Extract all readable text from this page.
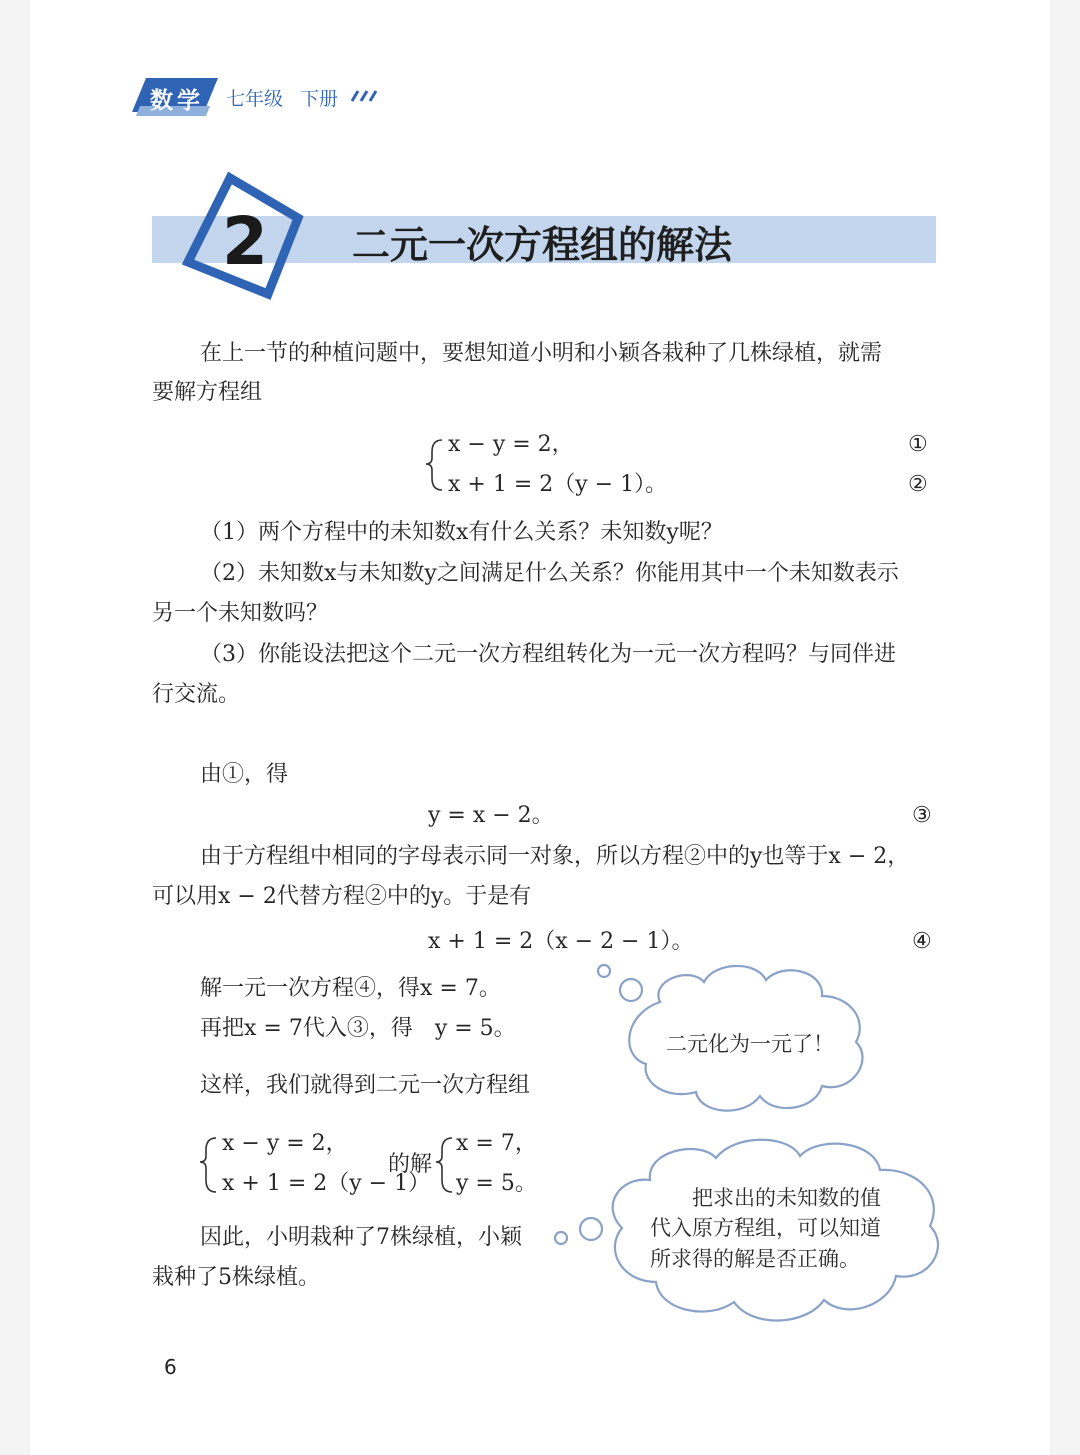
数学 七年级 下册
2 二元一次方程组的解法
在上一节的种植问题中，要想知道小明和小颖各栽种了几株绿植，就需
要解方程组
x − y = 2，
x + 1 = 2（y − 1）。
①
②
（1）两个方程中的未知数x有什么关系？未知数y呢？
（2）未知数x与未知数y之间满足什么关系？你能用其中一个未知数表示
另一个未知数吗？
（3）你能设法把这个二元一次方程组转化为一元一次方程吗？与同伴进
行交流。
由①，得
y = x − 2。	③
由于方程组中相同的字母表示同一对象，所以方程②中的y也等于x − 2，
可以用x − 2代替方程②中的y。于是有
x + 1 = 2（x − 2 − 1）。	④
解一元一次方程④，得x = 7。
再把x = 7代入③，得　y = 5。
这样，我们就得到二元一次方程组
x − y = 2，
x + 1 = 2（y − 1）
的解
x = 7，
y = 5。
因此，小明栽种了7株绿植，小颖
栽种了5株绿植。
二元化为一元了！
把求出的未知数的值
代入原方程组，可以知道
所求得的解是否正确。
6
